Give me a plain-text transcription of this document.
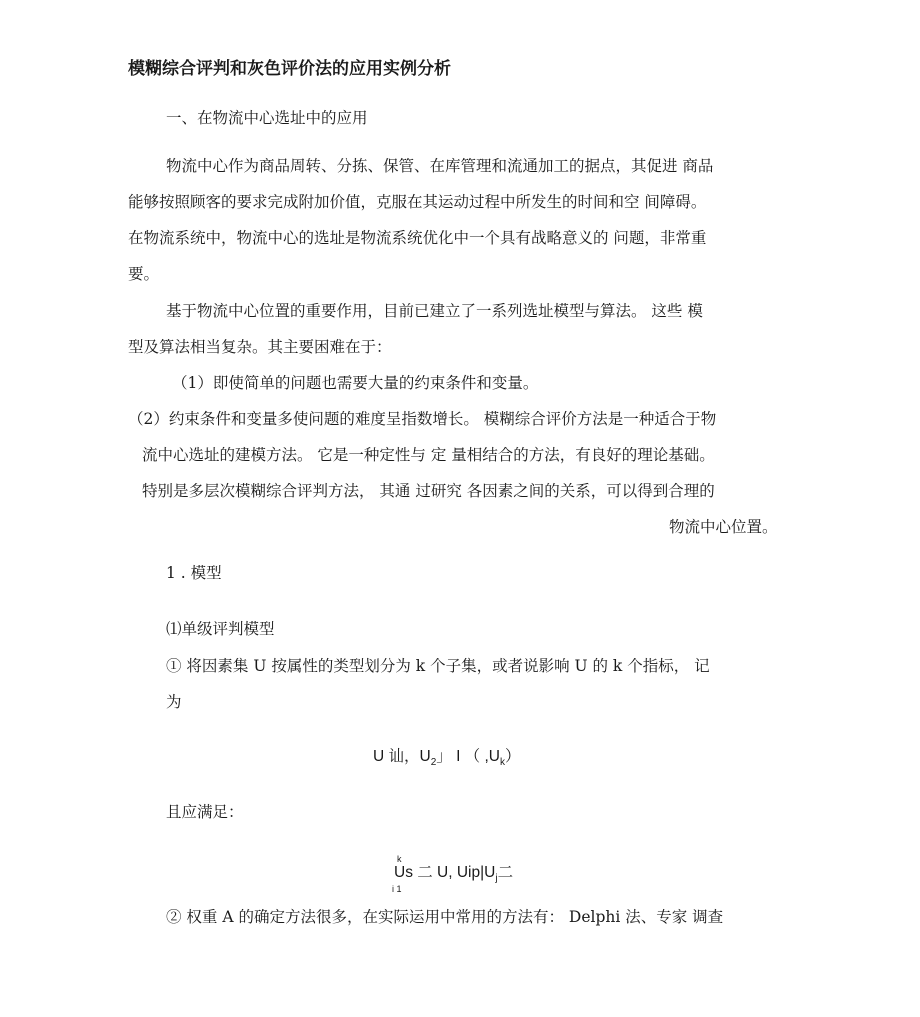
模糊综合评判和灰色评价法的应用实例分析
一、在物流中心选址中的应用
物流中心作为商品周转、分拣、保管、在库管理和流通加工的据点，其促进 商品
能够按照顾客的要求完成附加价值，克服在其运动过程中所发生的时间和空 间障碍。
在物流系统中，物流中心的选址是物流系统优化中一个具有战略意义的 问题，非常重
要。
基于物流中心位置的重要作用，目前已建立了一系列选址模型与算法。 这些 模
型及算法相当复杂。其主要困难在于：
（1）即使简单的问题也需要大量的约束条件和变量。
（2）约束条件和变量多使问题的难度呈指数增长。 模糊综合评价方法是一种适合于物
流中心选址的建模方法。 它是一种定性与 定 量相结合的方法，有良好的理论基础。
特别是多层次模糊综合评判方法， 其通 过研究 各因素之间的关系，可以得到合理的
物流中心位置。
1 . 模型
⑴单级评判模型
① 将因素集 U 按属性的类型划分为 k 个子集，或者说影响 U 的 k 个指标， 记
为
U 讪，$U_2$」 I （ $,U_k$）
且应满足：
k
Us 二 U, $Uip|U_j$二
i 1
② 权重 A 的确定方法很多，在实际运用中常用的方法有： Delphi 法、专家 调查
